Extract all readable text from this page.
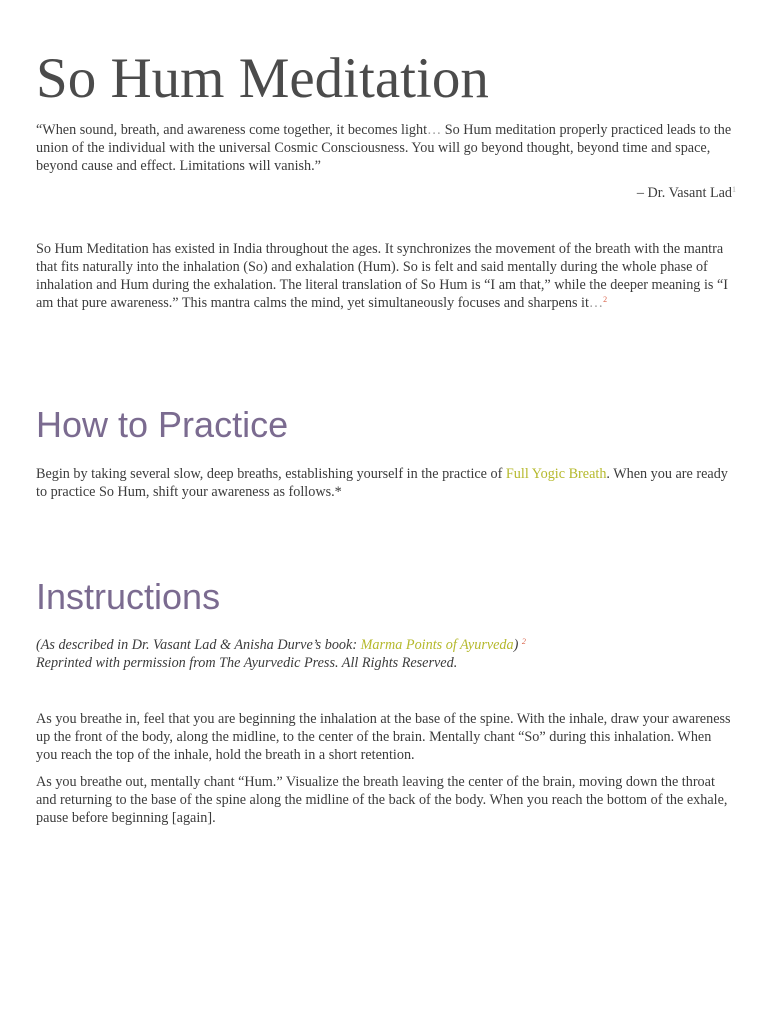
So Hum Meditation

“When sound, breath, and awareness come together, it becomes light… So Hum meditation properly practiced leads to the union of the individual with the universal Cosmic Consciousness. You will go beyond thought, beyond time and space, beyond cause and effect. Limitations will vanish.”

– Dr. Vasant Lad$^1$

So Hum Meditation has existed in India throughout the ages. It synchronizes the movement of the breath with the mantra that fits naturally into the inhalation (So) and exhalation (Hum). So is felt and said mentally during the whole phase of inhalation and Hum during the exhalation. The literal translation of So Hum is “I am that,” while the deeper meaning is “I am that pure awareness.” This mantra calms the mind, yet simultaneously focuses and sharpens it…$^2$

How to Practice

Begin by taking several slow, deep breaths, establishing yourself in the practice of Full Yogic Breath. When you are ready to practice So Hum, shift your awareness as follows.*

Instructions

(As described in Dr. Vasant Lad & Anisha Durve’s book: Marma Points of Ayurveda) $^2$
Reprinted with permission from The Ayurvedic Press. All Rights Reserved.

As you breathe in, feel that you are beginning the inhalation at the base of the spine. With the inhale, draw your awareness up the front of the body, along the midline, to the center of the brain. Mentally chant “So” during this inhalation. When you reach the top of the inhale, hold the breath in a short retention.

As you breathe out, mentally chant “Hum.” Visualize the breath leaving the center of the brain, moving down the throat and returning to the base of the spine along the midline of the back of the body. When you reach the bottom of the exhale, pause before beginning [again].
